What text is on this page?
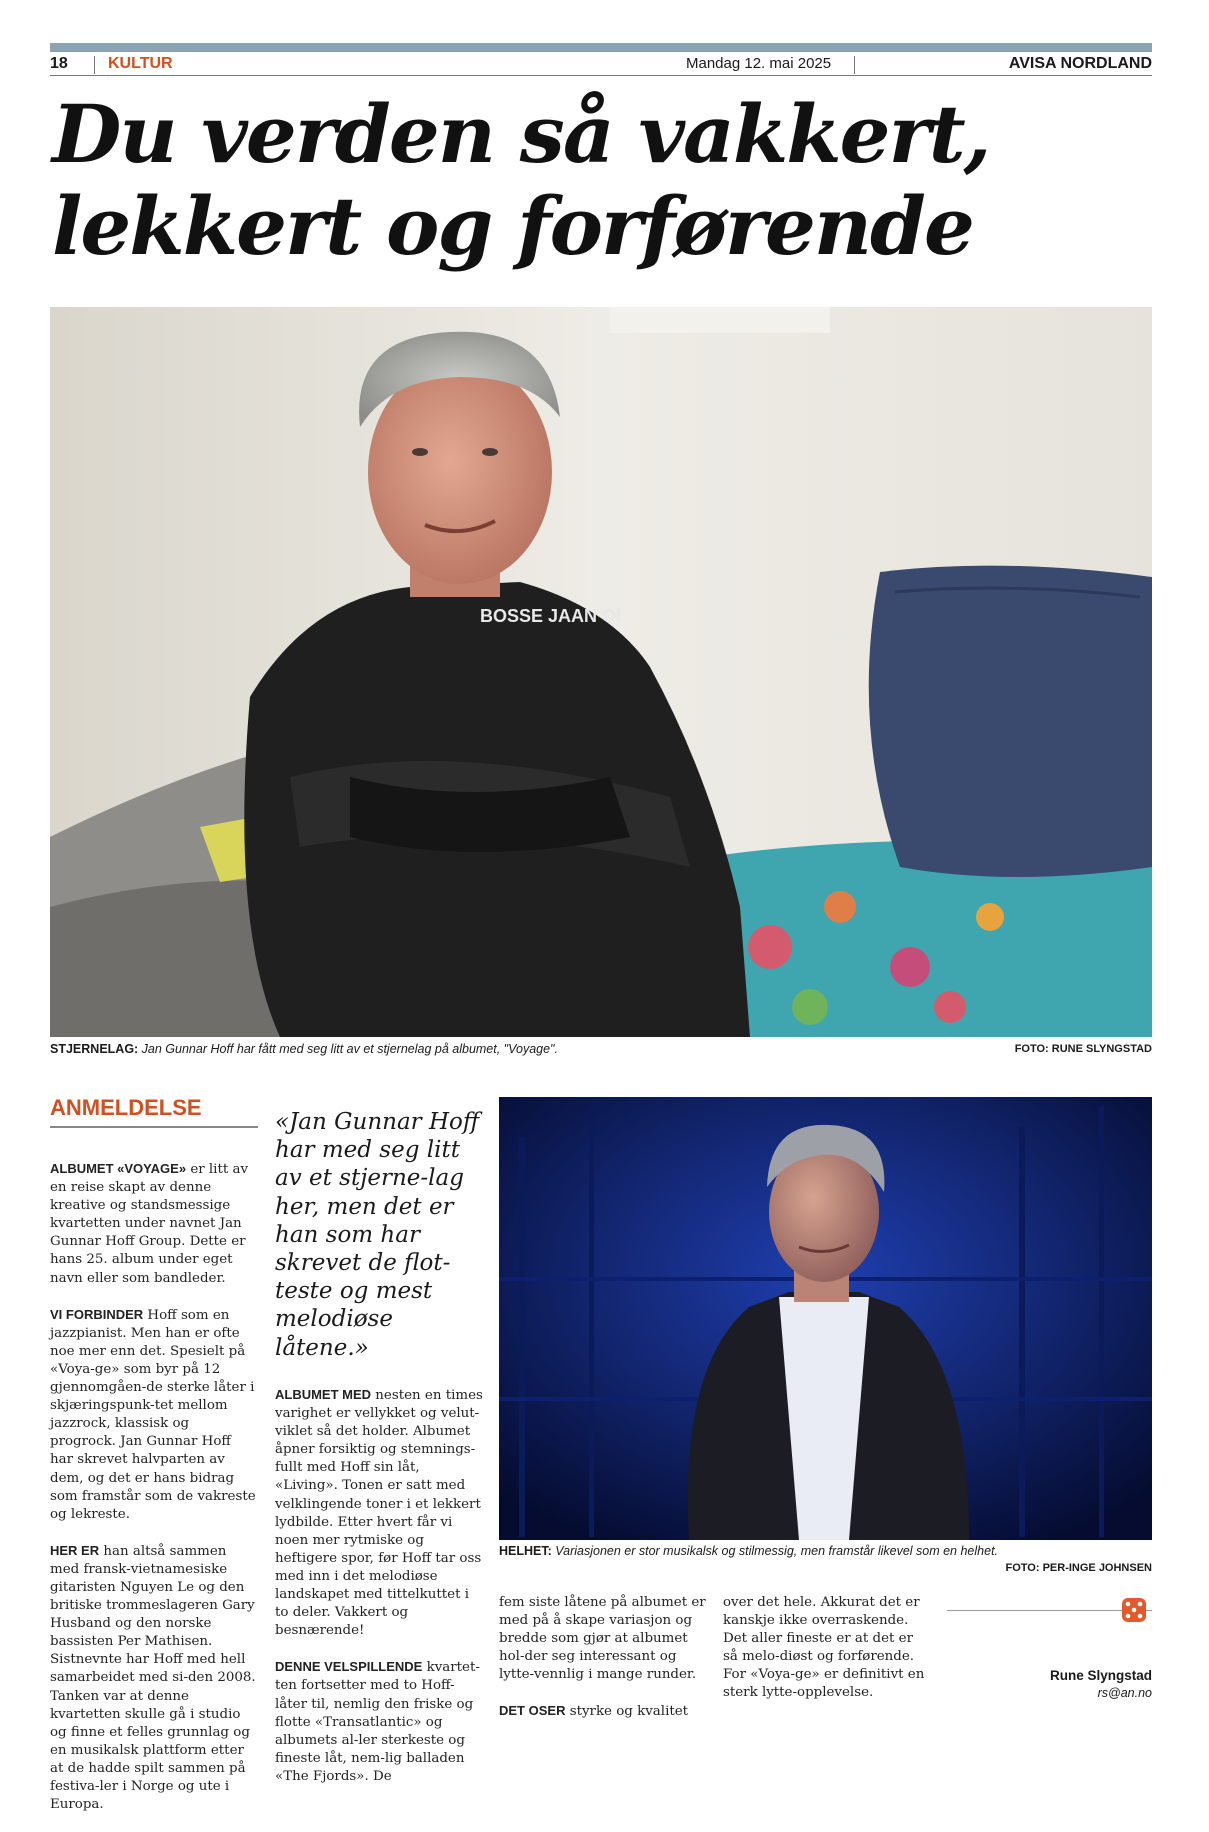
18	KULTUR	Mandag 12. mai 2025	AVISA NORDLAND
Du verden så vakkert,
lekkert og forførende
BOSSE JAAN OI
STJERNELAG: Jan Gunnar Hoff har fått med seg litt av et stjernelag på albumet, "Voyage".	FOTO: RUNE SLYNGSTAD
ANMELDELSE

ALBUMET «VOYAGE» er litt av en reise skapt av denne kreative og standsmessige kvartetten under navnet Jan Gunnar Hoff Group. Dette er hans 25. album under eget navn eller som bandleder.

VI FORBINDER Hoff som en jazzpianist. Men han er ofte noe mer enn det. Spesielt på «Voya-ge» som byr på 12 gjennomgåen-de sterke låter i skjæringspunk-tet mellom jazzrock, klassisk og progrock. Jan Gunnar Hoff har skrevet halvparten av dem, og det er hans bidrag som framstår som de vakreste og lekreste.

HER ER han altså sammen med fransk-vietnamesiske gitaristen Nguyen Le og den britiske trommeslageren Gary Husband og den norske bassisten Per Mathisen. Sistnevnte har Hoff med hell samarbeidet med si-den 2008. Tanken var at denne kvartetten skulle gå i studio og finne et felles grunnlag og en musikalsk plattform etter at de hadde spilt sammen på festiva-ler i Norge og ute i Europa.

«Jan Gunnar Hoff har med seg litt av et stjerne-lag her, men det er han som har skrevet de flot-teste og mest melodiøse låtene.»

ALBUMET MED nesten en times varighet er vellykket og velut-viklet så det holder. Albumet åpner forsiktig og stemnings-fullt med Hoff sin låt, «Living». Tonen er satt med velklingende toner i et lekkert lydbilde. Etter hvert får vi noen mer rytmiske og heftigere spor, før Hoff tar oss med inn i det melodiøse landskapet med tittelkuttet i to deler. Vakkert og besnærende!

DENNE VELSPILLENDE kvartet-ten fortsetter med to Hoff-låter til, nemlig den friske og flotte «Transatlantic» og albumets al-ler sterkeste og fineste låt, nem-lig balladen «The Fjords». De

HELHET: Variasjonen er stor musikalsk og stilmessig, men framstår likevel som en helhet.
FOTO: PER-INGE JOHNSEN

fem siste låtene på albumet er med på å skape variasjon og bredde som gjør at albumet hol-der seg interessant og lytte-vennlig i mange runder.

DET OSER styrke og kvalitet

over det hele. Akkurat det er kanskje ikke overraskende. Det aller fineste er at det er så melo-diøst og forførende. For «Voya-ge» er definitivt en sterk lytte-opplevelse.

Rune Slyngstad
rs@an.no
